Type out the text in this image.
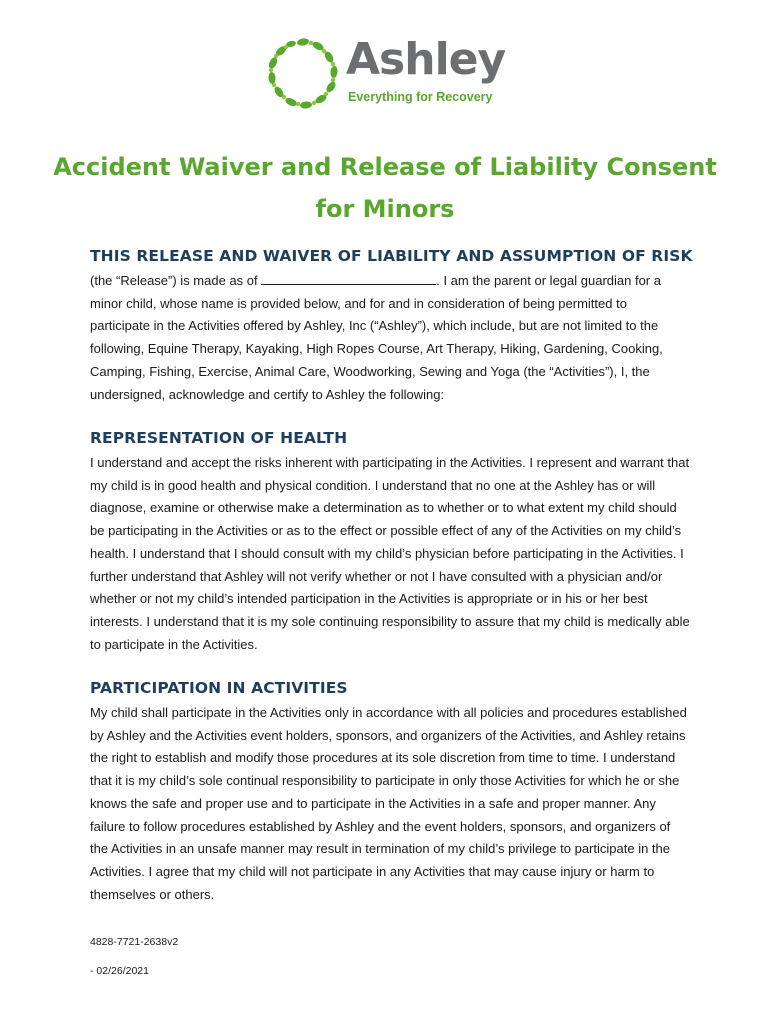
Ashley
Everything for Recovery
Accident Waiver and Release of Liability Consent
for Minors
THIS RELEASE AND WAIVER OF LIABILITY AND ASSUMPTION OF RISK

(the “Release”) is made as of	. I am the parent or legal guardian for a minor child, whose name is provided below, and for and in consideration of being permitted to participate in the Activities offered by Ashley, Inc (“Ashley”), which include, but are not limited to the following, Equine Therapy, Kayaking, High Ropes Course, Art Therapy, Hiking, Gardening, Cooking, Camping, Fishing, Exercise, Animal Care, Woodworking, Sewing and Yoga (the “Activities”), I, the undersigned, acknowledge and certify to Ashley the following:

REPRESENTATION OF HEALTH

I understand and accept the risks inherent with participating in the Activities. I represent and warrant that my child is in good health and physical condition. I understand that no one at the Ashley has or will diagnose, examine or otherwise make a determination as to whether or to what extent my child should be participating in the Activities or as to the effect or possible effect of any of the Activities on my child’s health. I understand that I should consult with my child’s physician before participating in the Activities. I further understand that Ashley will not verify whether or not I have consulted with a physician and/or whether or not my child’s intended participation in the Activities is appropriate or in his or her best interests. I understand that it is my sole continuing responsibility to assure that my child is medically able to participate in the Activities.

PARTICIPATION IN ACTIVITIES

My child shall participate in the Activities only in accordance with all policies and procedures established by Ashley and the Activities event holders, sponsors, and organizers of the Activities, and Ashley retains the right to establish and modify those procedures at its sole discretion from time to time. I understand that it is my child’s sole continual responsibility to participate in only those Activities for which he or she knows the safe and proper use and to participate in the Activities in a safe and proper manner. Any failure to follow procedures established by Ashley and the event holders, sponsors, and organizers of the Activities in an unsafe manner may result in termination of my child’s privilege to participate in the Activities. I agree that my child will not participate in any Activities that may cause injury or harm to themselves or others.

4828-7721-2638v2
- 02/26/2021
